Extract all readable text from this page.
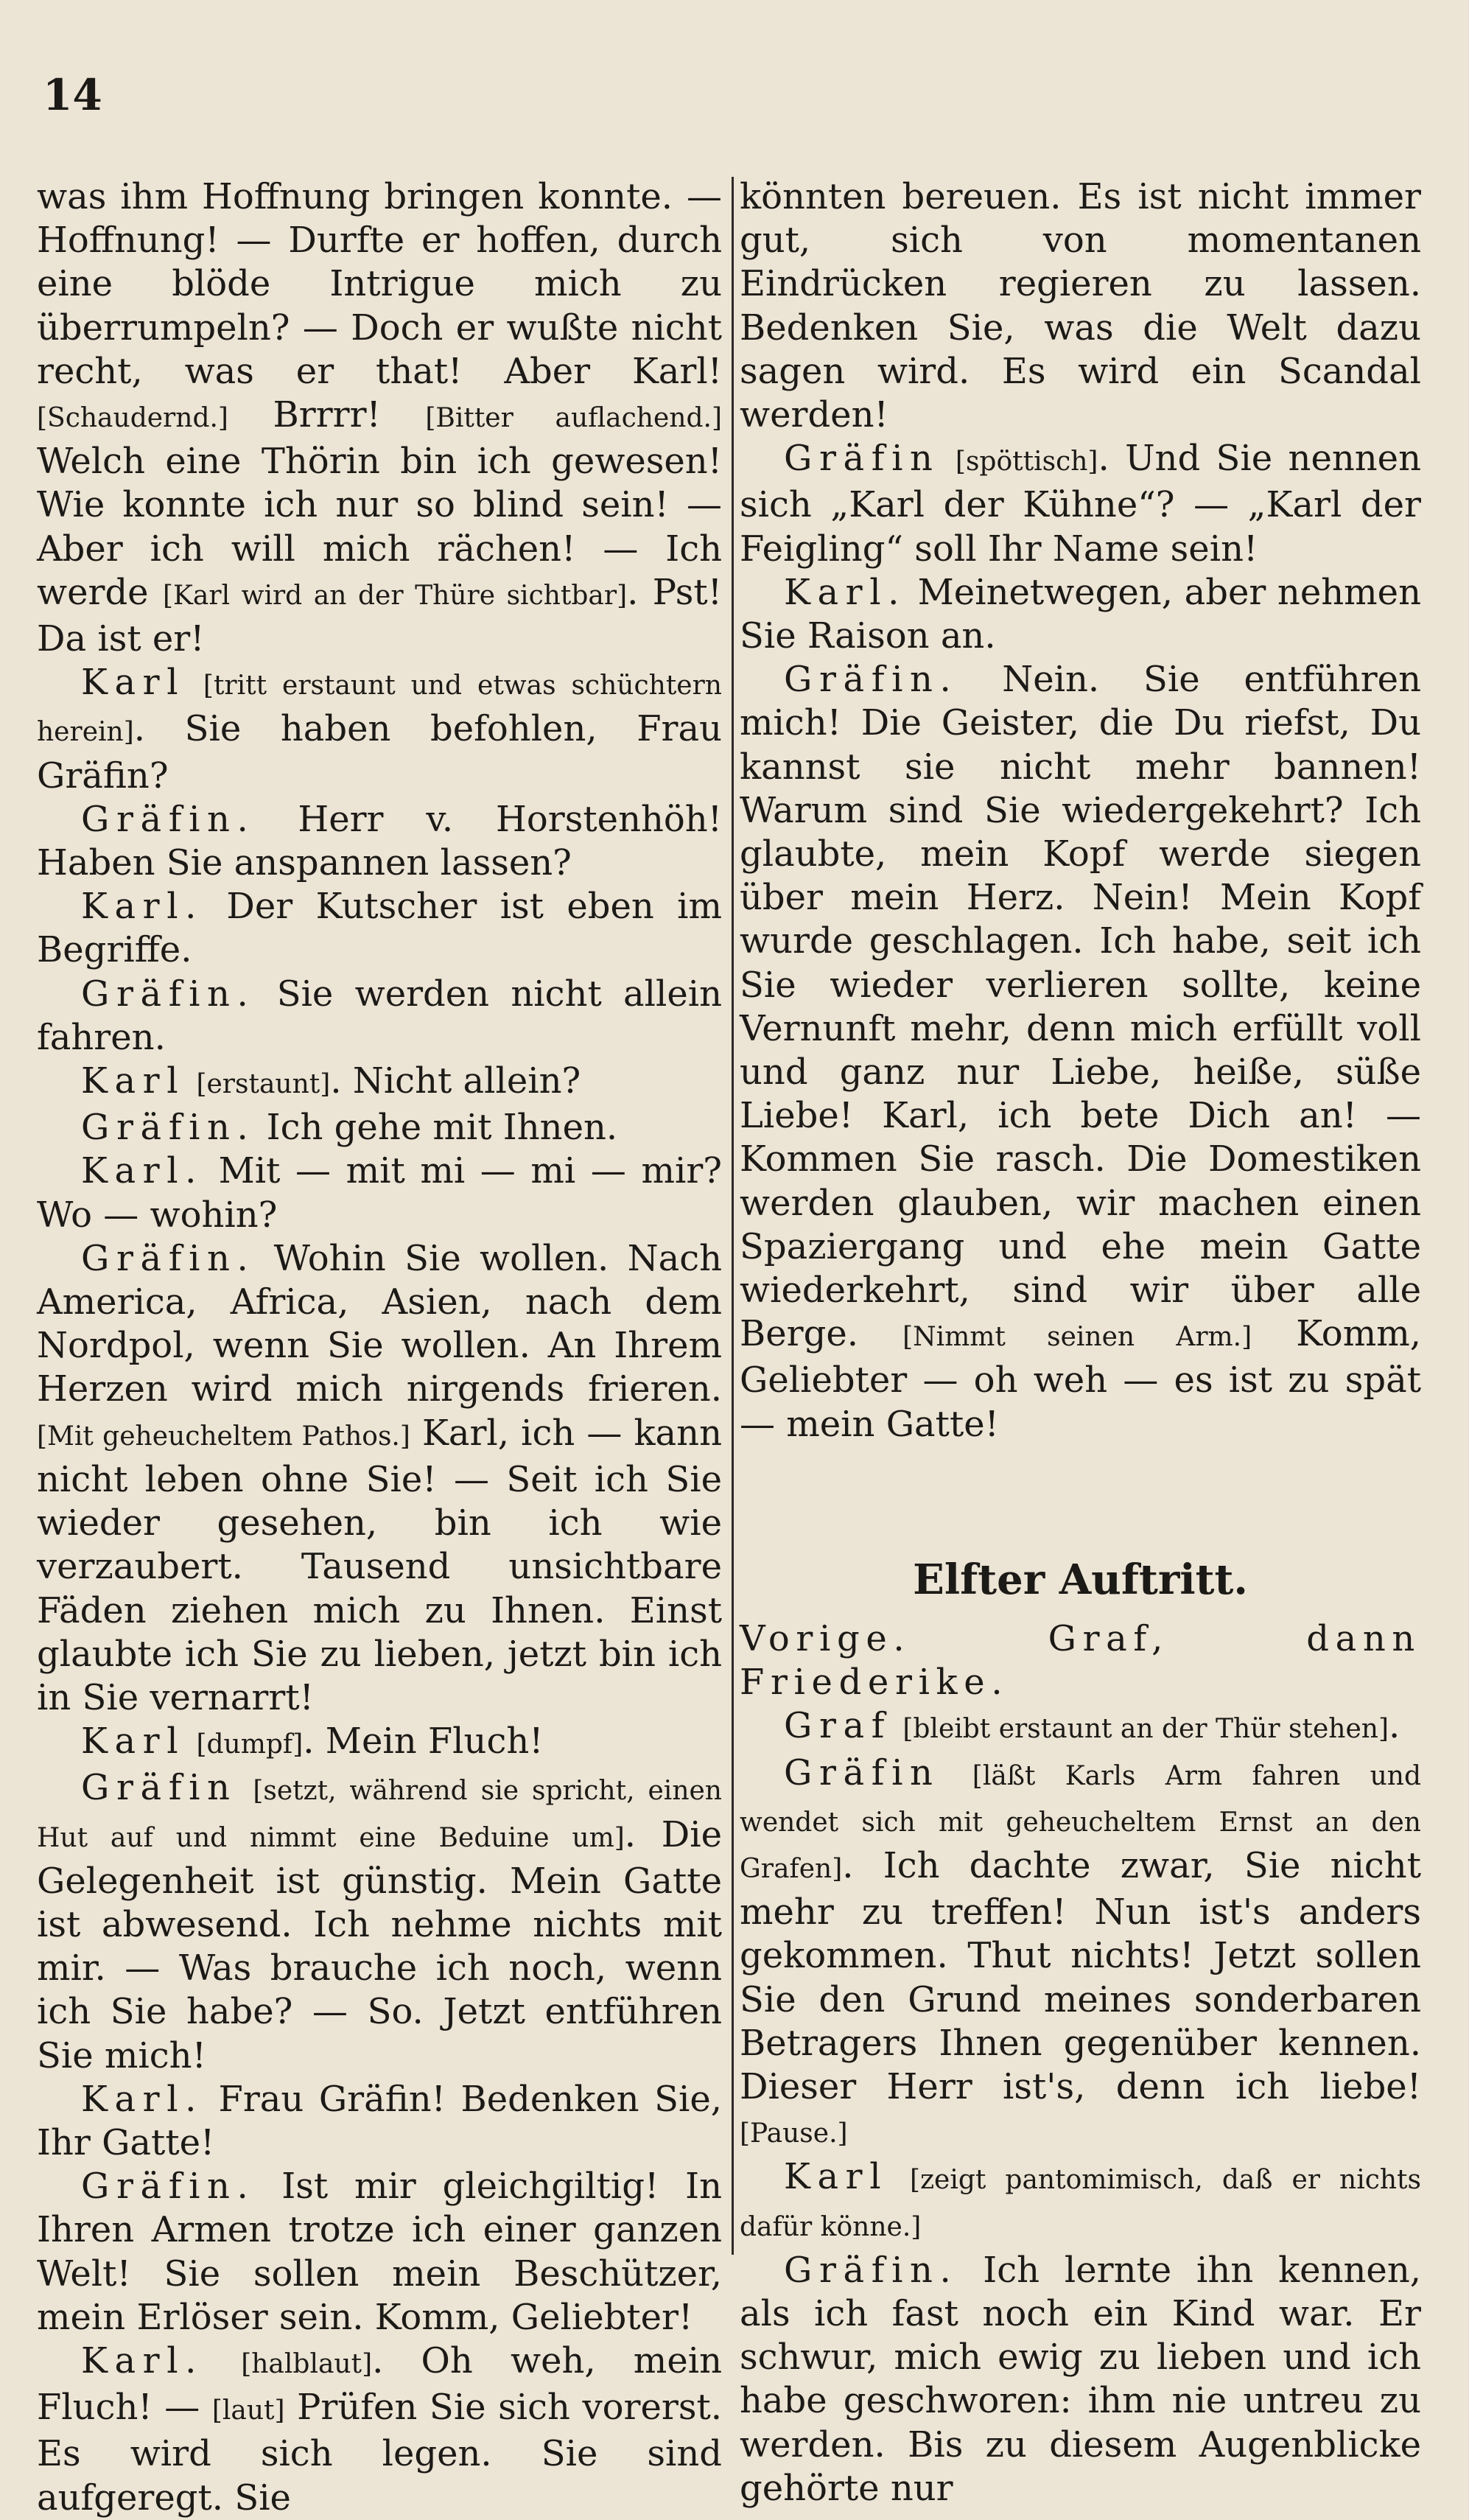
14

was ihm Hoffnung bringen konnte. — Hoffnung! — Durfte er hoffen, durch eine blöde Intrigue mich zu überrumpeln? — Doch er wußte nicht recht, was er that! Aber Karl! [Schaudernd.] Brrrr! [Bitter auflachend.] Welch eine Thörin bin ich gewesen! Wie konnte ich nur so blind sein! — Aber ich will mich rächen! — Ich werde [Karl wird an der Thüre sichtbar]. Pst! Da ist er!

Karl [tritt erstaunt und etwas schüchtern herein]. Sie haben befohlen, Frau Gräfin?

Gräfin. Herr v. Horstenhöh! Haben Sie anspannen lassen?

Karl. Der Kutscher ist eben im Begriffe.

Gräfin. Sie werden nicht allein fahren.

Karl [erstaunt]. Nicht allein?

Gräfin. Ich gehe mit Ihnen.

Karl. Mit — mit mi — mi — mir? Wo — wohin?

Gräfin. Wohin Sie wollen. Nach America, Africa, Asien, nach dem Nordpol, wenn Sie wollen. An Ihrem Herzen wird mich nirgends frieren. [Mit geheucheltem Pathos.] Karl, ich — kann nicht leben ohne Sie! — Seit ich Sie wieder gesehen, bin ich wie verzaubert. Tausend unsichtbare Fäden ziehen mich zu Ihnen. Einst glaubte ich Sie zu lieben, jetzt bin ich in Sie vernarrt!

Karl [dumpf]. Mein Fluch!

Gräfin [setzt, während sie spricht, einen Hut auf und nimmt eine Beduine um]. Die Gelegenheit ist günstig. Mein Gatte ist abwesend. Ich nehme nichts mit mir. — Was brauche ich noch, wenn ich Sie habe? — So. Jetzt entführen Sie mich!

Karl. Frau Gräfin! Bedenken Sie, Ihr Gatte!

Gräfin. Ist mir gleichgiltig! In Ihren Armen trotze ich einer ganzen Welt! Sie sollen mein Beschützer, mein Erlöser sein. Komm, Geliebter!

Karl. [halblaut]. Oh weh, mein Fluch! — [laut] Prüfen Sie sich vorerst. Es wird sich legen. Sie sind aufgeregt. Sie

könnten bereuen. Es ist nicht immer gut, sich von momentanen Eindrücken regieren zu lassen. Bedenken Sie, was die Welt dazu sagen wird. Es wird ein Scandal werden!

Gräfin [spöttisch]. Und Sie nennen sich „Karl der Kühne“? — „Karl der Feigling“ soll Ihr Name sein!

Karl. Meinetwegen, aber nehmen Sie Raison an.

Gräfin. Nein. Sie entführen mich! Die Geister, die Du riefst, Du kannst sie nicht mehr bannen! Warum sind Sie wiedergekehrt? Ich glaubte, mein Kopf werde siegen über mein Herz. Nein! Mein Kopf wurde geschlagen. Ich habe, seit ich Sie wieder verlieren sollte, keine Vernunft mehr, denn mich erfüllt voll und ganz nur Liebe, heiße, süße Liebe! Karl, ich bete Dich an! — Kommen Sie rasch. Die Domestiken werden glauben, wir machen einen Spaziergang und ehe mein Gatte wiederkehrt, sind wir über alle Berge. [Nimmt seinen Arm.] Komm, Geliebter — oh weh — es ist zu spät — mein Gatte!

Elfter Auftritt.

Vorige. Graf, dann Friederike.

Graf [bleibt erstaunt an der Thür stehen].

Gräfin [läßt Karls Arm fahren und wendet sich mit geheucheltem Ernst an den Grafen]. Ich dachte zwar, Sie nicht mehr zu treffen! Nun ist's anders gekommen. Thut nichts! Jetzt sollen Sie den Grund meines sonderbaren Betragers Ihnen gegenüber kennen. Dieser Herr ist's, denn ich liebe! [Pause.]

Karl [zeigt pantomimisch, daß er nichts dafür könne.]

Gräfin. Ich lernte ihn kennen, als ich fast noch ein Kind war. Er schwur, mich ewig zu lieben und ich habe geschworen: ihm nie untreu zu werden. Bis zu diesem Augenblicke gehörte nur
